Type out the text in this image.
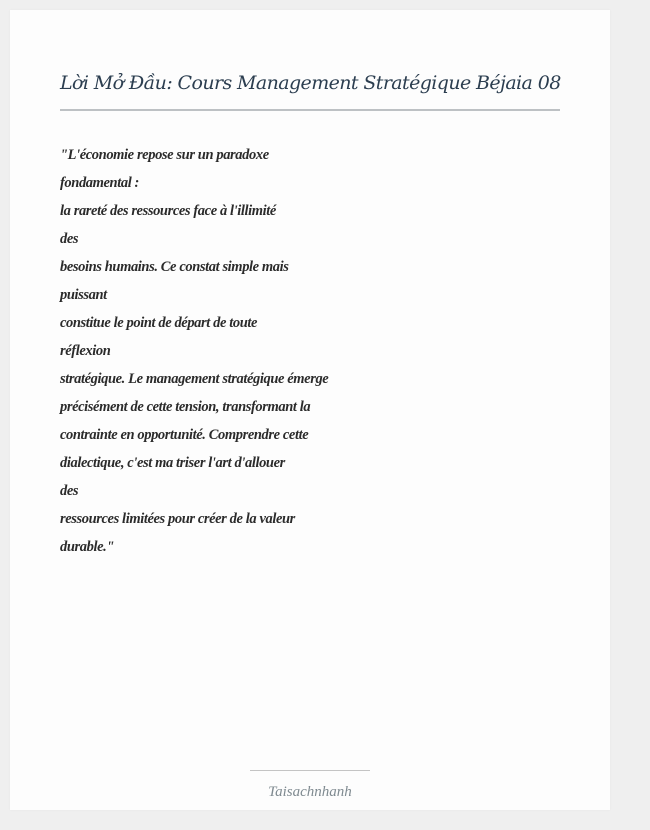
Lời Mở Đầu: Cours Management Stratégique Béjaia 08
"L'économie repose sur un paradoxe
fondamental :
la rareté des ressources face à l'illimité
des
besoins humains. Ce constat simple mais
puissant
constitue le point de départ de toute
réflexion
stratégique. Le management stratégique émerge
précisément de cette tension, transformant la
contrainte en opportunité. Comprendre cette
dialectique, c'est ma triser l'art d'allouer
des
ressources limitées pour créer de la valeur
durable."
Taisachnhanh
